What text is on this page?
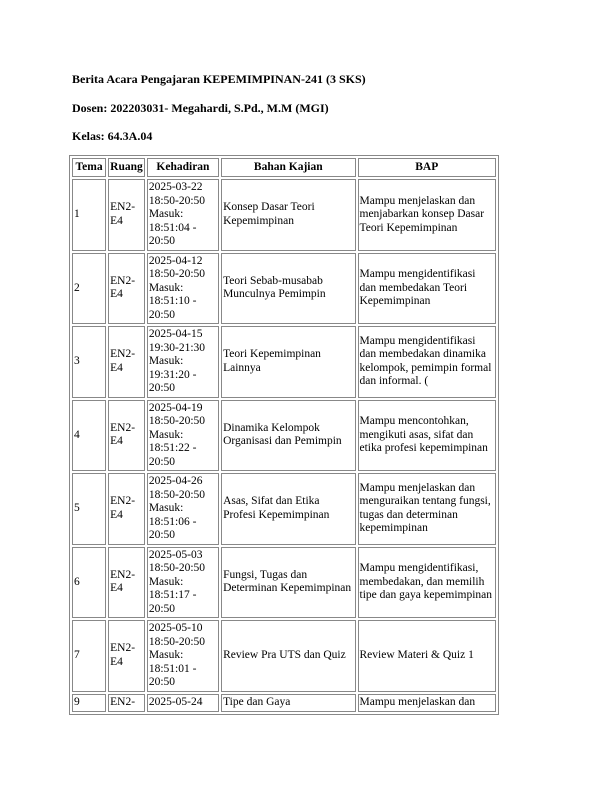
Berita Acara Pengajaran KEPEMIMPINAN-241 (3 SKS)
Dosen: 202203031- Megahardi, S.Pd., M.M (MGI)
Kelas: 64.3A.04
Tema	Ruang	Kehadiran	Bahan Kajian	BAP
1	EN2-E4	2025-03-22
18:50-20:50
Masuk:
18:51:04 -
20:50	Konsep Dasar Teori Kepemimpinan	Mampu menjelaskan dan menjabarkan konsep Dasar Teori Kepemimpinan
2	EN2-E4	2025-04-12
18:50-20:50
Masuk:
18:51:10 -
20:50	Teori Sebab-musabab Munculnya Pemimpin	Mampu mengidentifikasi dan membedakan Teori Kepemimpinan
3	EN2-E4	2025-04-15
19:30-21:30
Masuk:
19:31:20 -
20:50	Teori Kepemimpinan Lainnya	Mampu mengidentifikasi dan membedakan dinamika kelompok, pemimpin formal dan informal. (
4	EN2-E4	2025-04-19
18:50-20:50
Masuk:
18:51:22 -
20:50	Dinamika Kelompok Organisasi dan Pemimpin	Mampu mencontohkan, mengikuti asas, sifat dan etika profesi kepemimpinan
5	EN2-E4	2025-04-26
18:50-20:50
Masuk:
18:51:06 -
20:50	Asas, Sifat dan Etika Profesi Kepemimpinan	Mampu menjelaskan dan menguraikan tentang fungsi, tugas dan determinan kepemimpinan
6	EN2-E4	2025-05-03
18:50-20:50
Masuk:
18:51:17 -
20:50	Fungsi, Tugas dan Determinan Kepemimpinan	Mampu mengidentifikasi, membedakan, dan memilih tipe dan gaya kepemimpinan
7	EN2-E4	2025-05-10
18:50-20:50
Masuk:
18:51:01 -
20:50	Review Pra UTS dan Quiz	Review Materi & Quiz 1
9	EN2-	2025-05-24	Tipe dan Gaya	Mampu menjelaskan dan
